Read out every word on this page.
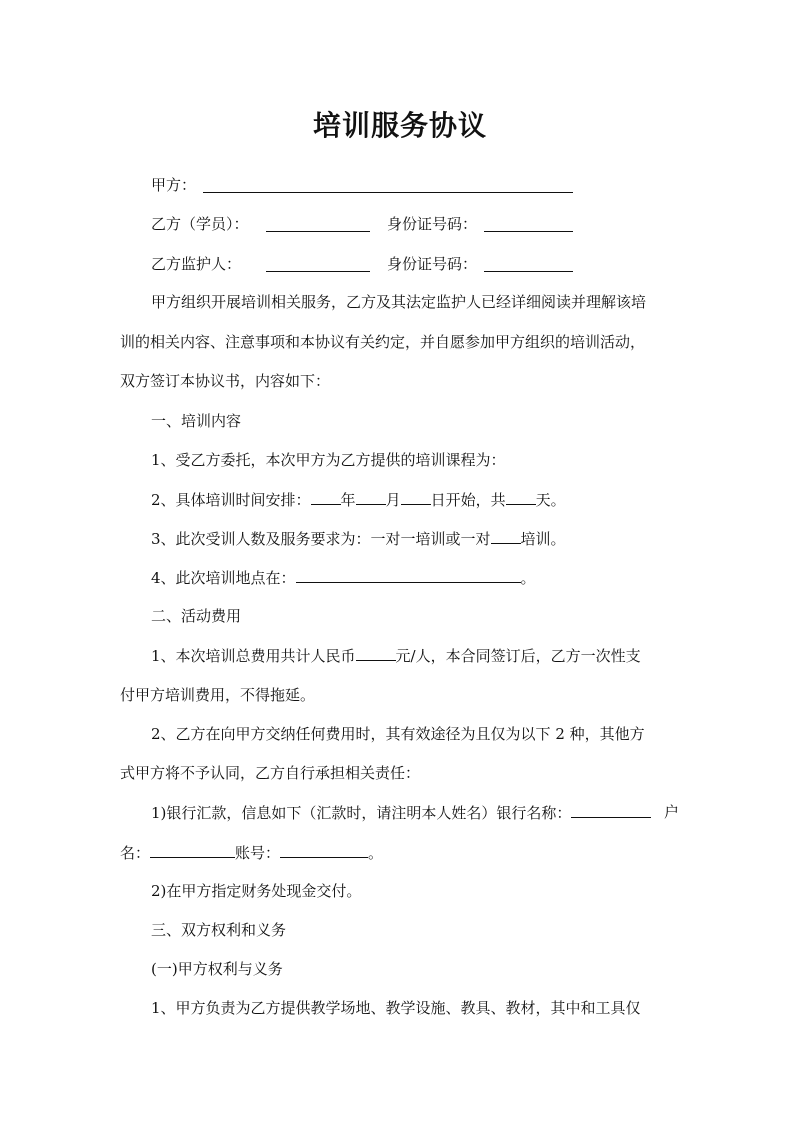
培训服务协议
甲方：
乙方（学员）：	身份证号码：
乙方监护人：	身份证号码：
甲方组织开展培训相关服务，乙方及其法定监护人已经详细阅读并理解该培
训的相关内容、注意事项和本协议有关约定，并自愿参加甲方组织的培训活动，
双方签订本协议书，内容如下：
一、培训内容
1、受乙方委托，本次甲方为乙方提供的培训课程为：
2、具体培训时间安排： 年 月 日开始，共 天。
3、此次受训人数及服务要求为：一对一培训或一对 培训。
4、此次培训地点在：	。
二、活动费用
1、本次培训总费用共计人民币	元/人，本合同签订后，乙方一次性支
付甲方培训费用，不得拖延。
2、乙方在向甲方交纳任何费用时，其有效途径为且仅为以下 2 种，其他方
式甲方将不予认同，乙方自行承担相关责任：
1)银行汇款，信息如下（汇款时，请注明本人姓名）银行名称：	户
名：	账号：	。
2)在甲方指定财务处现金交付。
三、双方权利和义务
(一)甲方权利与义务
1、甲方负责为乙方提供教学场地、教学设施、教具、教材，其中和工具仅
